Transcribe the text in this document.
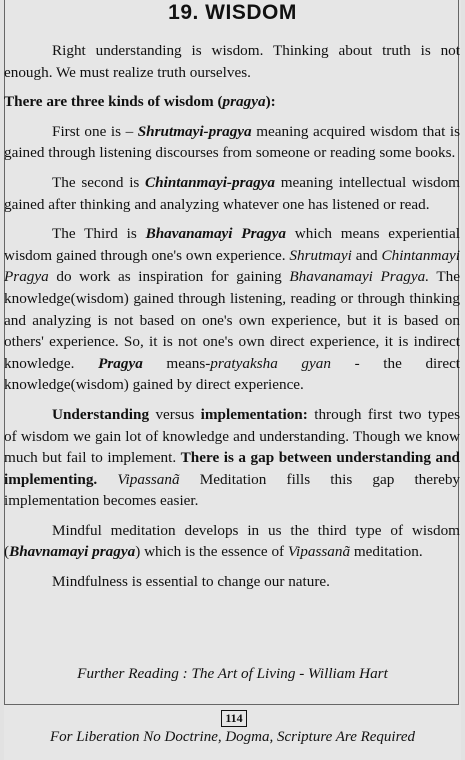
19. WISDOM

Right understanding is wisdom. Thinking about truth is not enough. We must realize truth ourselves.

There are three kinds of wisdom (pragya):

First one is – Shrutmayi-pragya meaning acquired wisdom that is gained through listening discourses from someone or reading some books.

The second is Chintanmayi-pragya meaning intellectual wisdom gained after thinking and analyzing whatever one has listened or read.

The Third is Bhavanamayi Pragya which means experiential wisdom gained through one's own experience. Shrutmayi and Chintanmayi Pragya do work as inspiration for gaining Bhavanamayi Pragya. The knowledge(wisdom) gained through listening, reading or through thinking and analyzing is not based on one's own experience, but it is based on others' experience. So, it is not one's own direct experience, it is indirect knowledge. Pragya means-pratyaksha gyan - the direct knowledge(wisdom) gained by direct experience.

Understanding versus implementation: through first two types of wisdom we gain lot of knowledge and understanding. Though we know much but fail to implement. There is a gap between understanding and implementing. Vipassanã Meditation fills this gap thereby implementation becomes easier.

Mindful meditation develops in us the third type of wisdom (Bhavnamayi pragya) which is the essence of Vipassanã meditation.

Mindfulness is essential to change our nature.

Further Reading : The Art of Living - William Hart
114
For Liberation No Doctrine, Dogma, Scripture Are Required
